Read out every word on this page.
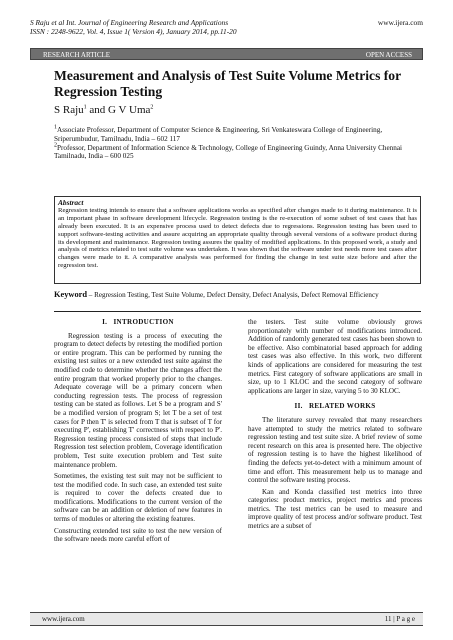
S Raju et al Int. Journal of Engineering Research and Applications
ISSN : 2248-9622, Vol. 4, Issue 1( Version 4), January 2014, pp.11-20
www.ijera.com
RESEARCH ARTICLE	OPEN ACCESS
Measurement and Analysis of Test Suite Volume Metrics for Regression Testing
S Raju$^1$ and G V Uma$^2$

$^1$Associate Professor, Department of Computer Science & Engineering, Sri Venkateswara College of Engineering, Sriperumbudur, Tamilnadu, India – 602 117

$^2$Professor, Department of Information Science & Technology, College of Engineering Guindy, Anna University Chennai Tamilnadu, India – 600 025

Abstract
Regression testing intends to ensure that a software applications works as specified after changes made to it during maintenance. It is an important phase in software development lifecycle. Regression testing is the re-execution of some subset of test cases that has already been executed. It is an expensive process used to detect defects due to regressions. Regression testing has been used to support software-testing activities and assure acquiring an appropriate quality through several versions of a software product during its development and maintenance. Regression testing assures the quality of modified applications. In this proposed work, a study and analysis of metrics related to test suite volume was undertaken. It was shown that the software under test needs more test cases after changes were made to it. A comparative analysis was performed for finding the change in test suite size before and after the regression test.
Keyword – Regression Testing, Test Suite Volume, Defect Density, Defect Analysis, Defect Removal Efficiency
I. INTRODUCTION

Regression testing is a process of executing the program to detect defects by retesting the modified portion or entire program. This can be performed by running the existing test suites or a new extended test suite against the modified code to determine whether the changes affect the entire program that worked properly prior to the changes. Adequate coverage will be a primary concern when conducting regression tests. The process of regression testing can be stated as follows. Let S be a program and S' be a modified version of program S; let T be a set of test cases for P then T' is selected from T that is subset of T for executing P', establishing T' correctness with respect to P'. Regression testing process consisted of steps that include Regression test selection problem, Coverage identification problem, Test suite execution problem and Test suite maintenance problem.

Sometimes, the existing test suit may not be sufficient to test the modified code. In such case, an extended test suite is required to cover the defects created due to modifications. Modifications to the current version of the software can be an addition or deletion of new features in terms of modules or altering the existing features.

Constructing extended test suite to test the new version of the software needs more careful effort of

the testers. Test suite volume obviously grows proportionately with number of modifications introduced. Addition of randomly generated test cases has been shown to be effective. Also combinatorial based approach for adding test cases was also effective. In this work, two different kinds of applications are considered for measuring the test metrics. First category of software applications are small in size, up to 1 KLOC and the second category of software applications are larger in size, varying 5 to 30 KLOC.

II. RELATED WORKS

The literature survey revealed that many researchers have attempted to study the metrics related to software regression testing and test suite size. A brief review of some recent research on this area is presented here. The objective of regression testing is to have the highest likelihood of finding the defects yet-to-detect with a minimum amount of time and effort. This measurement help us to manage and control the software testing process.

Kan and Konda classified test metrics into three categories: product metrics, project metrics and process metrics. The test metrics can be used to measure and improve quality of test process and/or software product. Test metrics are a subset of

www.ijera.com	11 | P a g e
